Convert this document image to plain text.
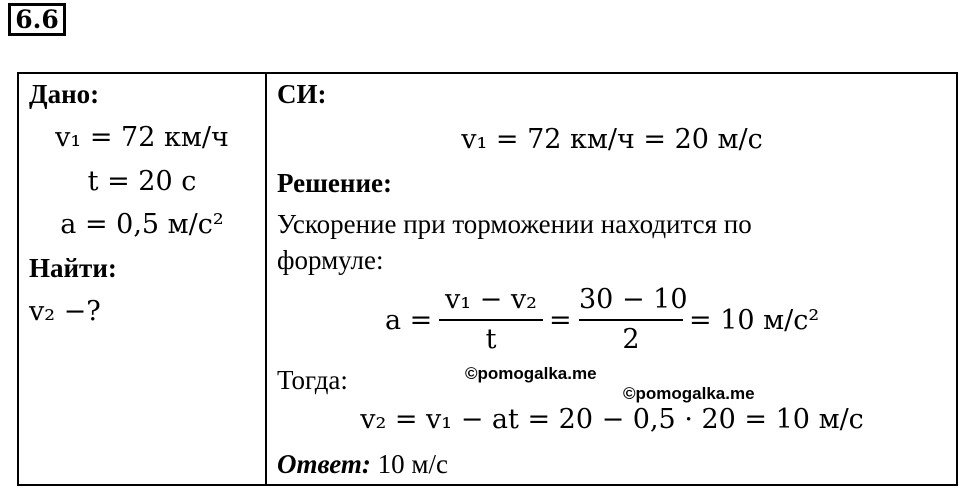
6.6
Дано:
v₁ = 72 км/ч
t = 20 с
a = 0,5 м/с²
Найти:
v₂ −?
СИ:
v₁ = 72 км/ч = 20 м/с
Решение:
Ускорение при торможении находится по
формуле:
a =
v₁ − v₂
t
=
30 − 10
2
= 10 м/с²
Тогда:
v₂ = v₁ − at = 20 − 0,5 · 20 = 10 м/с
Ответ: 10 м/с
©pomogalka.me
©pomogalka.me
